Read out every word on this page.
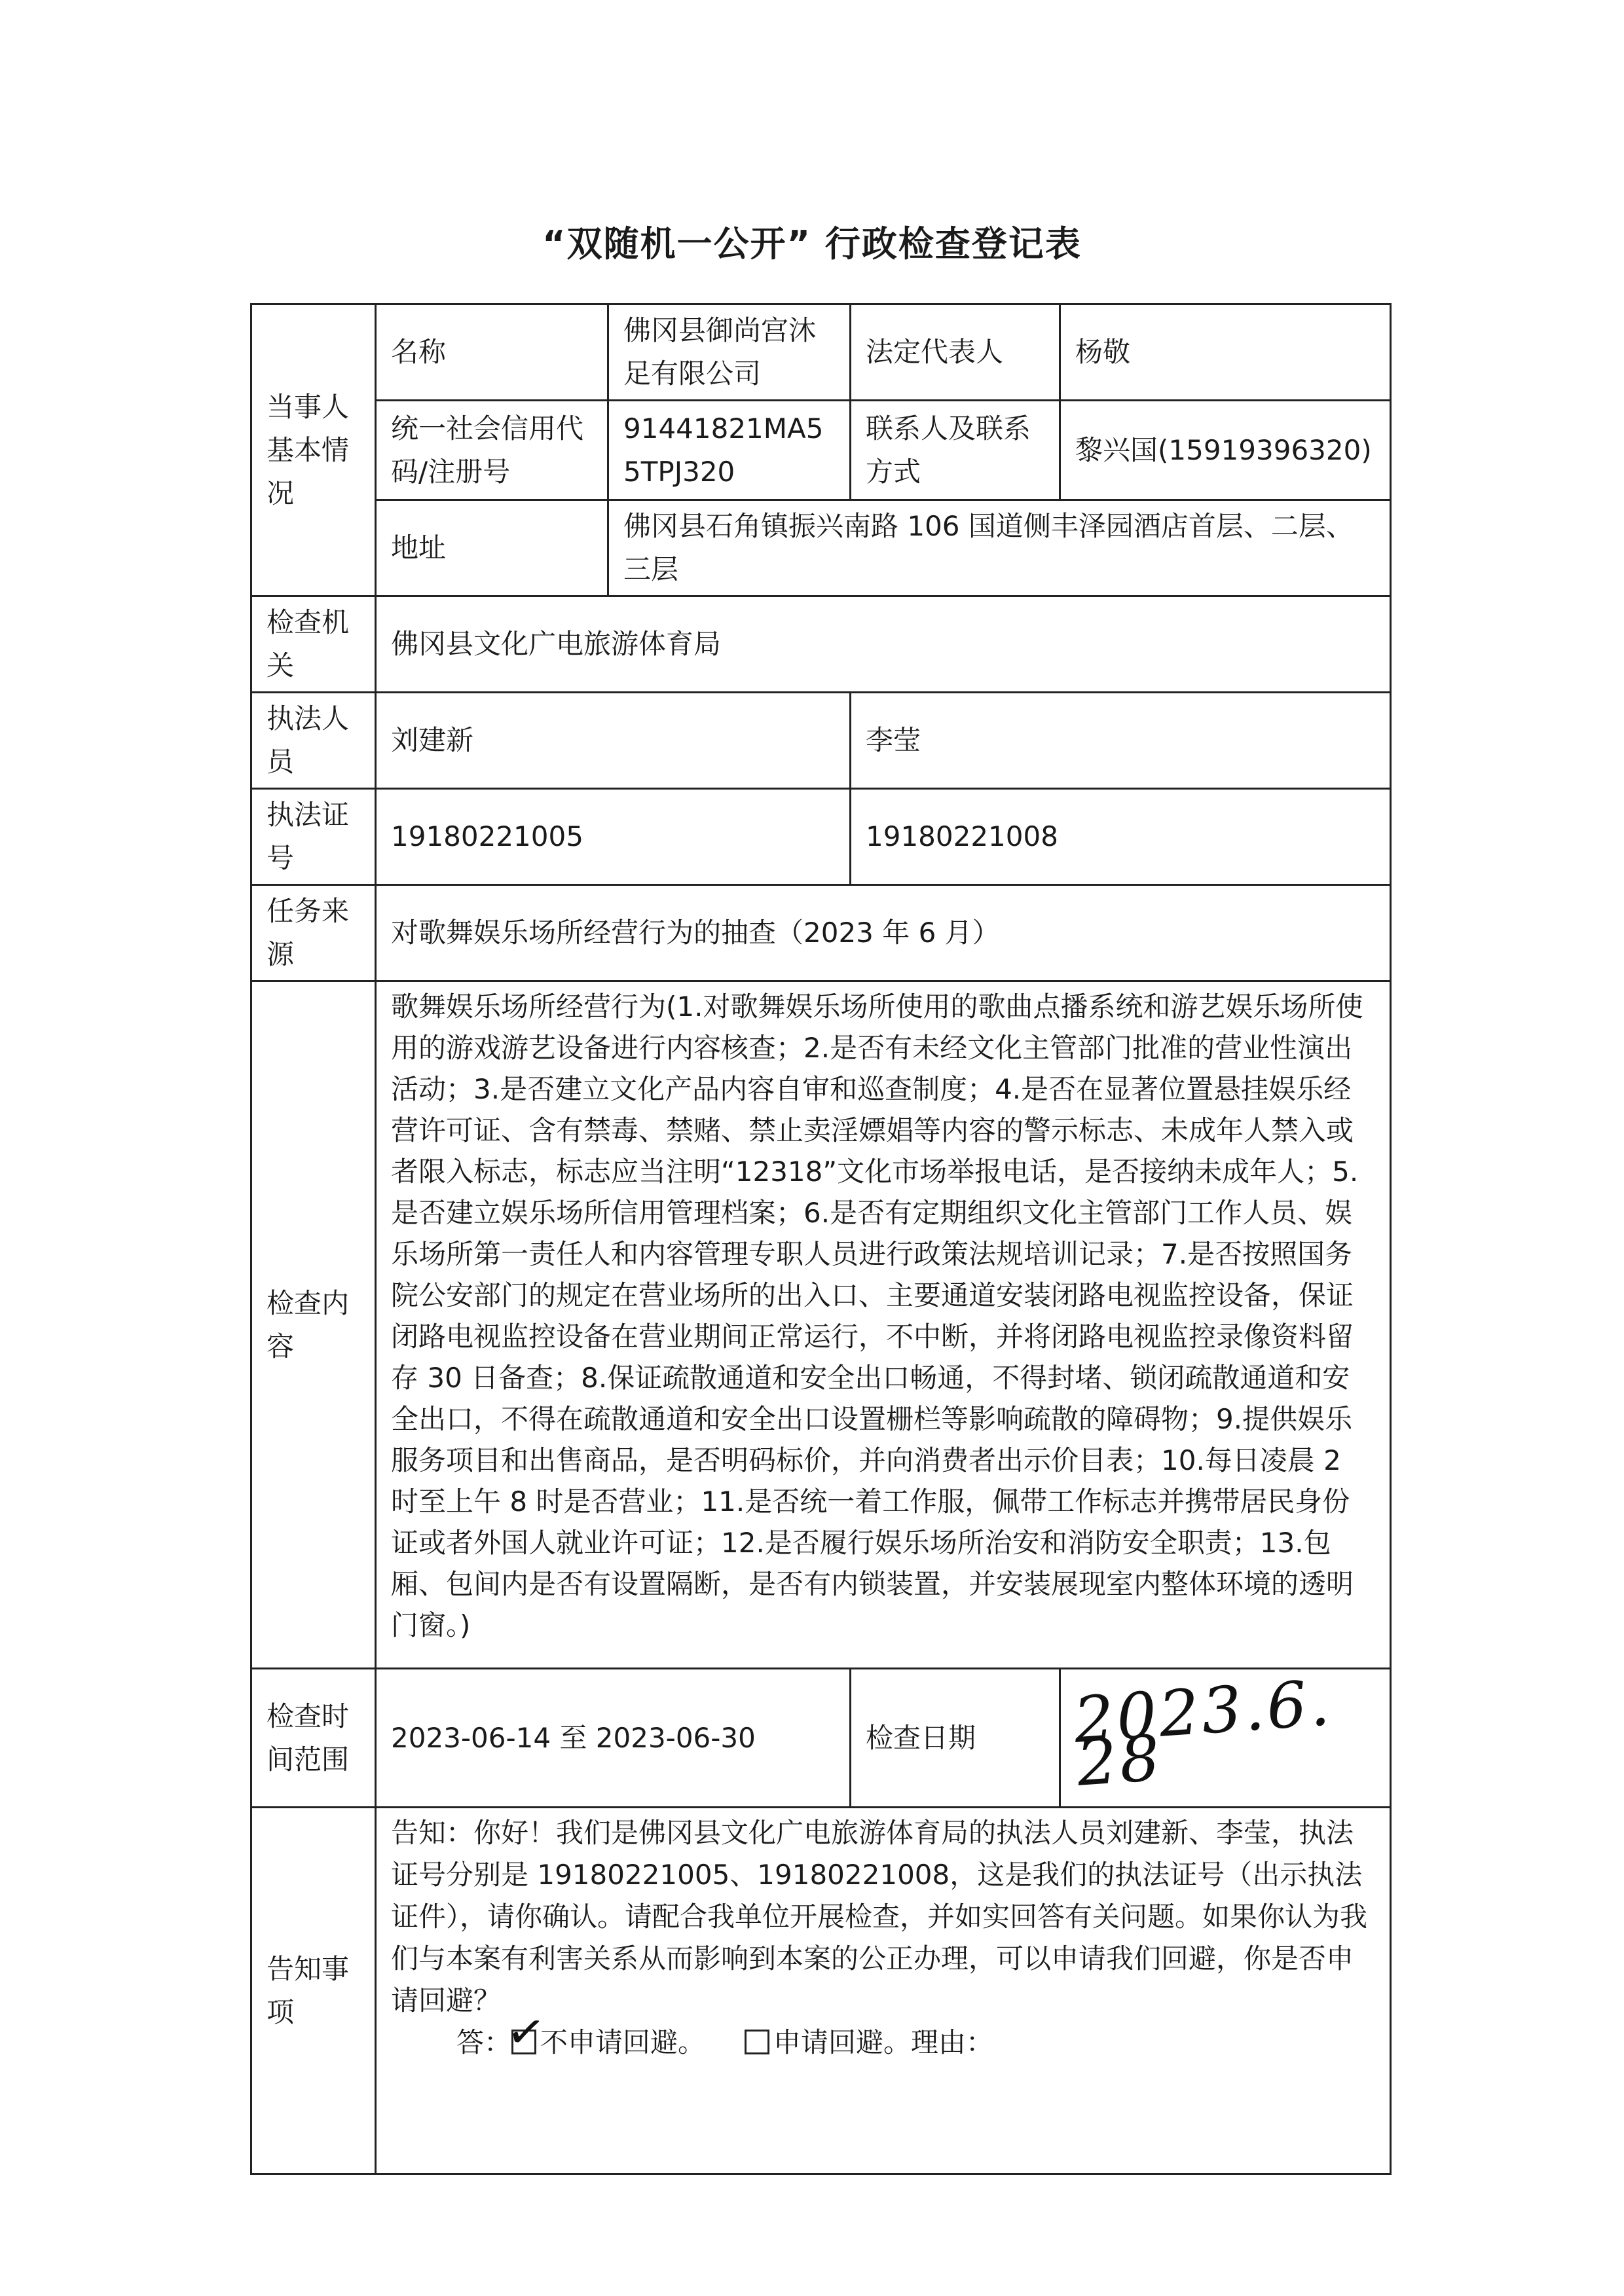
“双随机一公开” 行政检查登记表
当事人基本情况	名称	佛冈县御尚宫沐足有限公司	法定代表人	杨敬
	统一社会信用代码/注册号	91441821MA55TPJ320	联系人及联系方式	黎兴国(15919396320)
	地址	佛冈县石角镇振兴南路 106 国道侧丰泽园酒店首层、二层、三层		
检查机关	佛冈县文化广电旅游体育局			
执法人员	刘建新		李莹	
执法证号	19180221005		19180221008	
任务来源	对歌舞娱乐场所经营行为的抽查（2023 年 6 月）			
检查内容	歌舞娱乐场所经营行为(1.对歌舞娱乐场所使用的歌曲点播系统和游艺娱乐场所使用的游戏游艺设备进行内容核查；2.是否有未经文化主管部门批准的营业性演出活动；3.是否建立文化产品内容自审和巡查制度；4.是否在显著位置悬挂娱乐经营许可证、含有禁毒、禁赌、禁止卖淫嫖娼等内容的警示标志、未成年人禁入或者限入标志，标志应当注明“12318”文化市场举报电话，是否接纳未成年人；5.是否建立娱乐场所信用管理档案；6.是否有定期组织文化主管部门工作人员、娱乐场所第一责任人和内容管理专职人员进行政策法规培训记录；7.是否按照国务院公安部门的规定在营业场所的出入口、主要通道安装闭路电视监控设备，保证闭路电视监控设备在营业期间正常运行，不中断，并将闭路电视监控录像资料留存 30 日备查；8.保证疏散通道和安全出口畅通，不得封堵、锁闭疏散通道和安全出口，不得在疏散通道和安全出口设置栅栏等影响疏散的障碍物；9.提供娱乐服务项目和出售商品，是否明码标价，并向消费者出示价目表；10.每日凌晨 2 时至上午 8 时是否营业；11.是否统一着工作服，佩带工作标志并携带居民身份证或者外国人就业许可证；12.是否履行娱乐场所治安和消防安全职责；13.包厢、包间内是否有设置隔断，是否有内锁装置，并安装展现室内整体环境的透明门窗。)			
检查时间范围	2023-06-14 至 2023-06-30		检查日期	2023.6.28
告知事项	告知：你好！我们是佛冈县文化广电旅游体育局的执法人员刘建新、李莹，执法证号分别是 19180221005、19180221008，这是我们的执法证号（出示执法证件），请你确认。请配合我单位开展检查，并如实回答有关问题。如果你认为我们与本案有利害关系从而影响到本案的公正办理，可以申请我们回避，你是否申请回避？
答：
✓
不申请回避。 申请回避。理由：			
